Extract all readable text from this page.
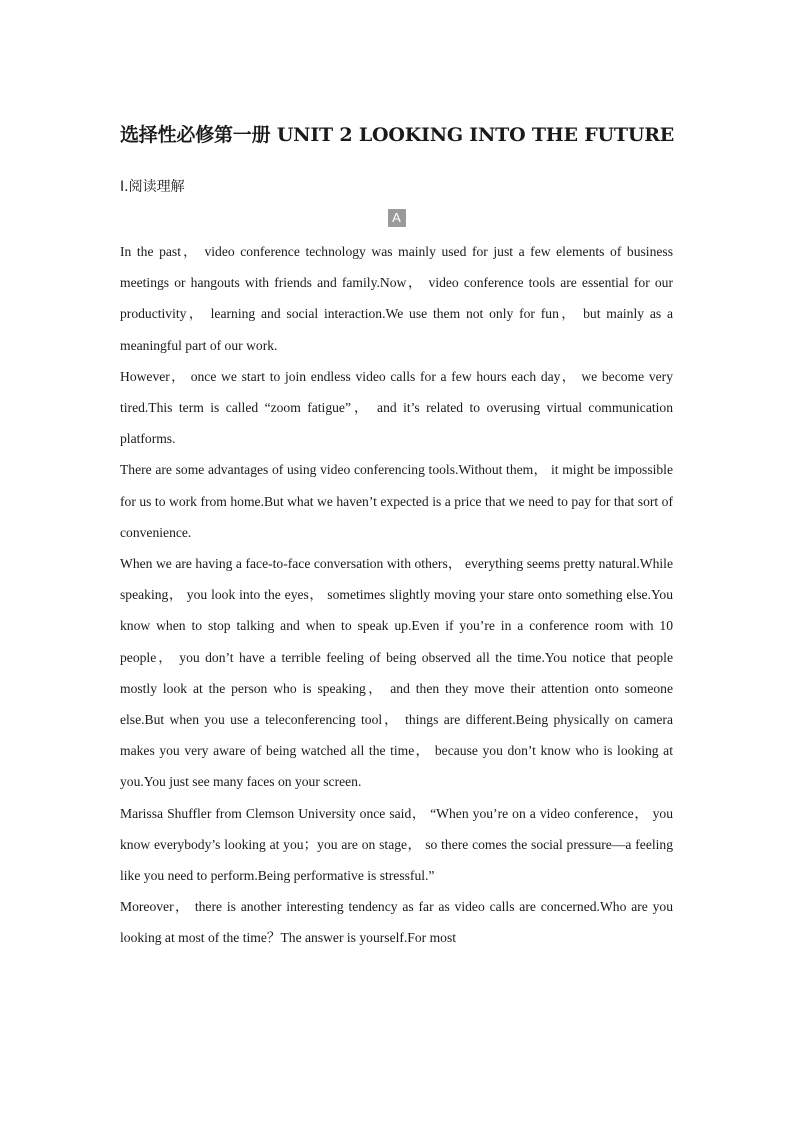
选择性必修第一册 UNIT 2 LOOKING INTO THE FUTURE
Ⅰ.阅读理解
A

In the past， video conference technology was mainly used for just a few elements of business meetings or hangouts with friends and family.Now， video conference tools are essential for our productivity， learning and social interaction.We use them not only for fun， but mainly as a meaningful part of our work.

However， once we start to join endless video calls for a few hours each day， we become very tired.This term is called “zoom fatigue”， and it’s related to overusing virtual communication platforms.

There are some advantages of using video conferencing tools.Without them， it might be impossible for us to work from home.But what we haven’t expected is a price that we need to pay for that sort of convenience.

When we are having a face-to-face conversation with others， everything seems pretty natural.While speaking， you look into the eyes， sometimes slightly moving your stare onto something else.You know when to stop talking and when to speak up.Even if you’re in a conference room with 10 people， you don’t have a terrible feeling of being observed all the time.You notice that people mostly look at the person who is speaking， and then they move their attention onto someone else.But when you use a teleconferencing tool， things are different.Being physically on camera makes you very aware of being watched all the time， because you don’t know who is looking at you.You just see many faces on your screen.

Marissa Shuffler from Clemson University once said， “When you’re on a video conference， you know everybody’s looking at you；you are on stage， so there comes the social pressure—a feeling like you need to perform.Being performative is stressful.”

Moreover， there is another interesting tendency as far as video calls are concerned.Who are you looking at most of the time？The answer is yourself.For most
